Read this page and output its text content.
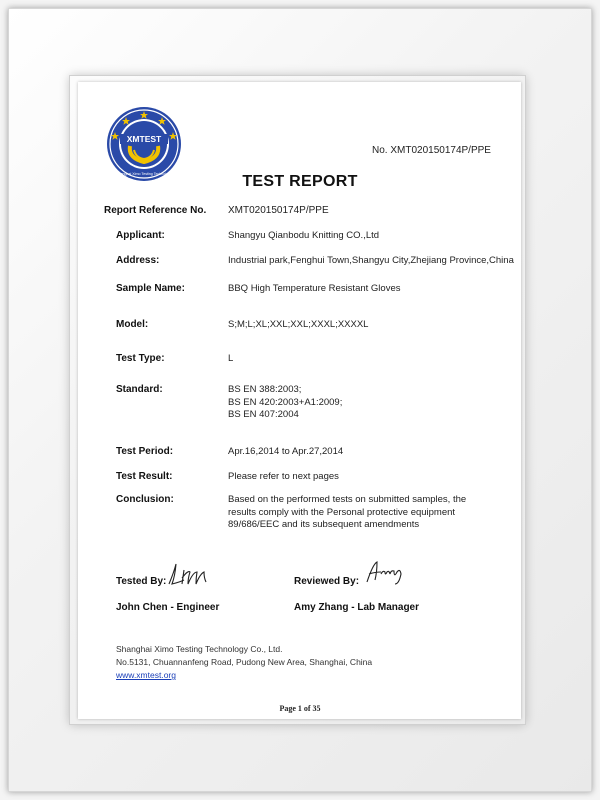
XMTEST
Shanghai Ximo Testing Technology
No. XMT020150174P/PPE
TEST REPORT
Report Reference No. XMT020150174P/PPE
Applicant:	Shangyu Qianbodu Knitting CO.,Ltd
Address:	Industrial park,Fenghui Town,Shangyu City,Zhejiang Province,China
Sample Name:	BBQ High Temperature Resistant Gloves
Model:	S;M;L;XL;XXL;XXL;XXXL;XXXXL
Test Type:	L
Standard:	BS EN 388:2003;
BS EN 420:2003+A1:2009;
BS EN 407:2004
Test Period:	Apr.16,2014 to Apr.27,2014
Test Result:	Please refer to next pages
Conclusion:	Based on the performed tests on submitted samples, the
results comply with the Personal protective equipment
89/686/EEC and its subsequent amendments
Tested By:	Reviewed By:
John Chen - Engineer	Amy Zhang - Lab Manager
Shanghai Ximo Testing Technology Co., Ltd.
No.5131, Chuannanfeng Road, Pudong New Area, Shanghai, China
www.xmtest.org
Page 1 of 35
